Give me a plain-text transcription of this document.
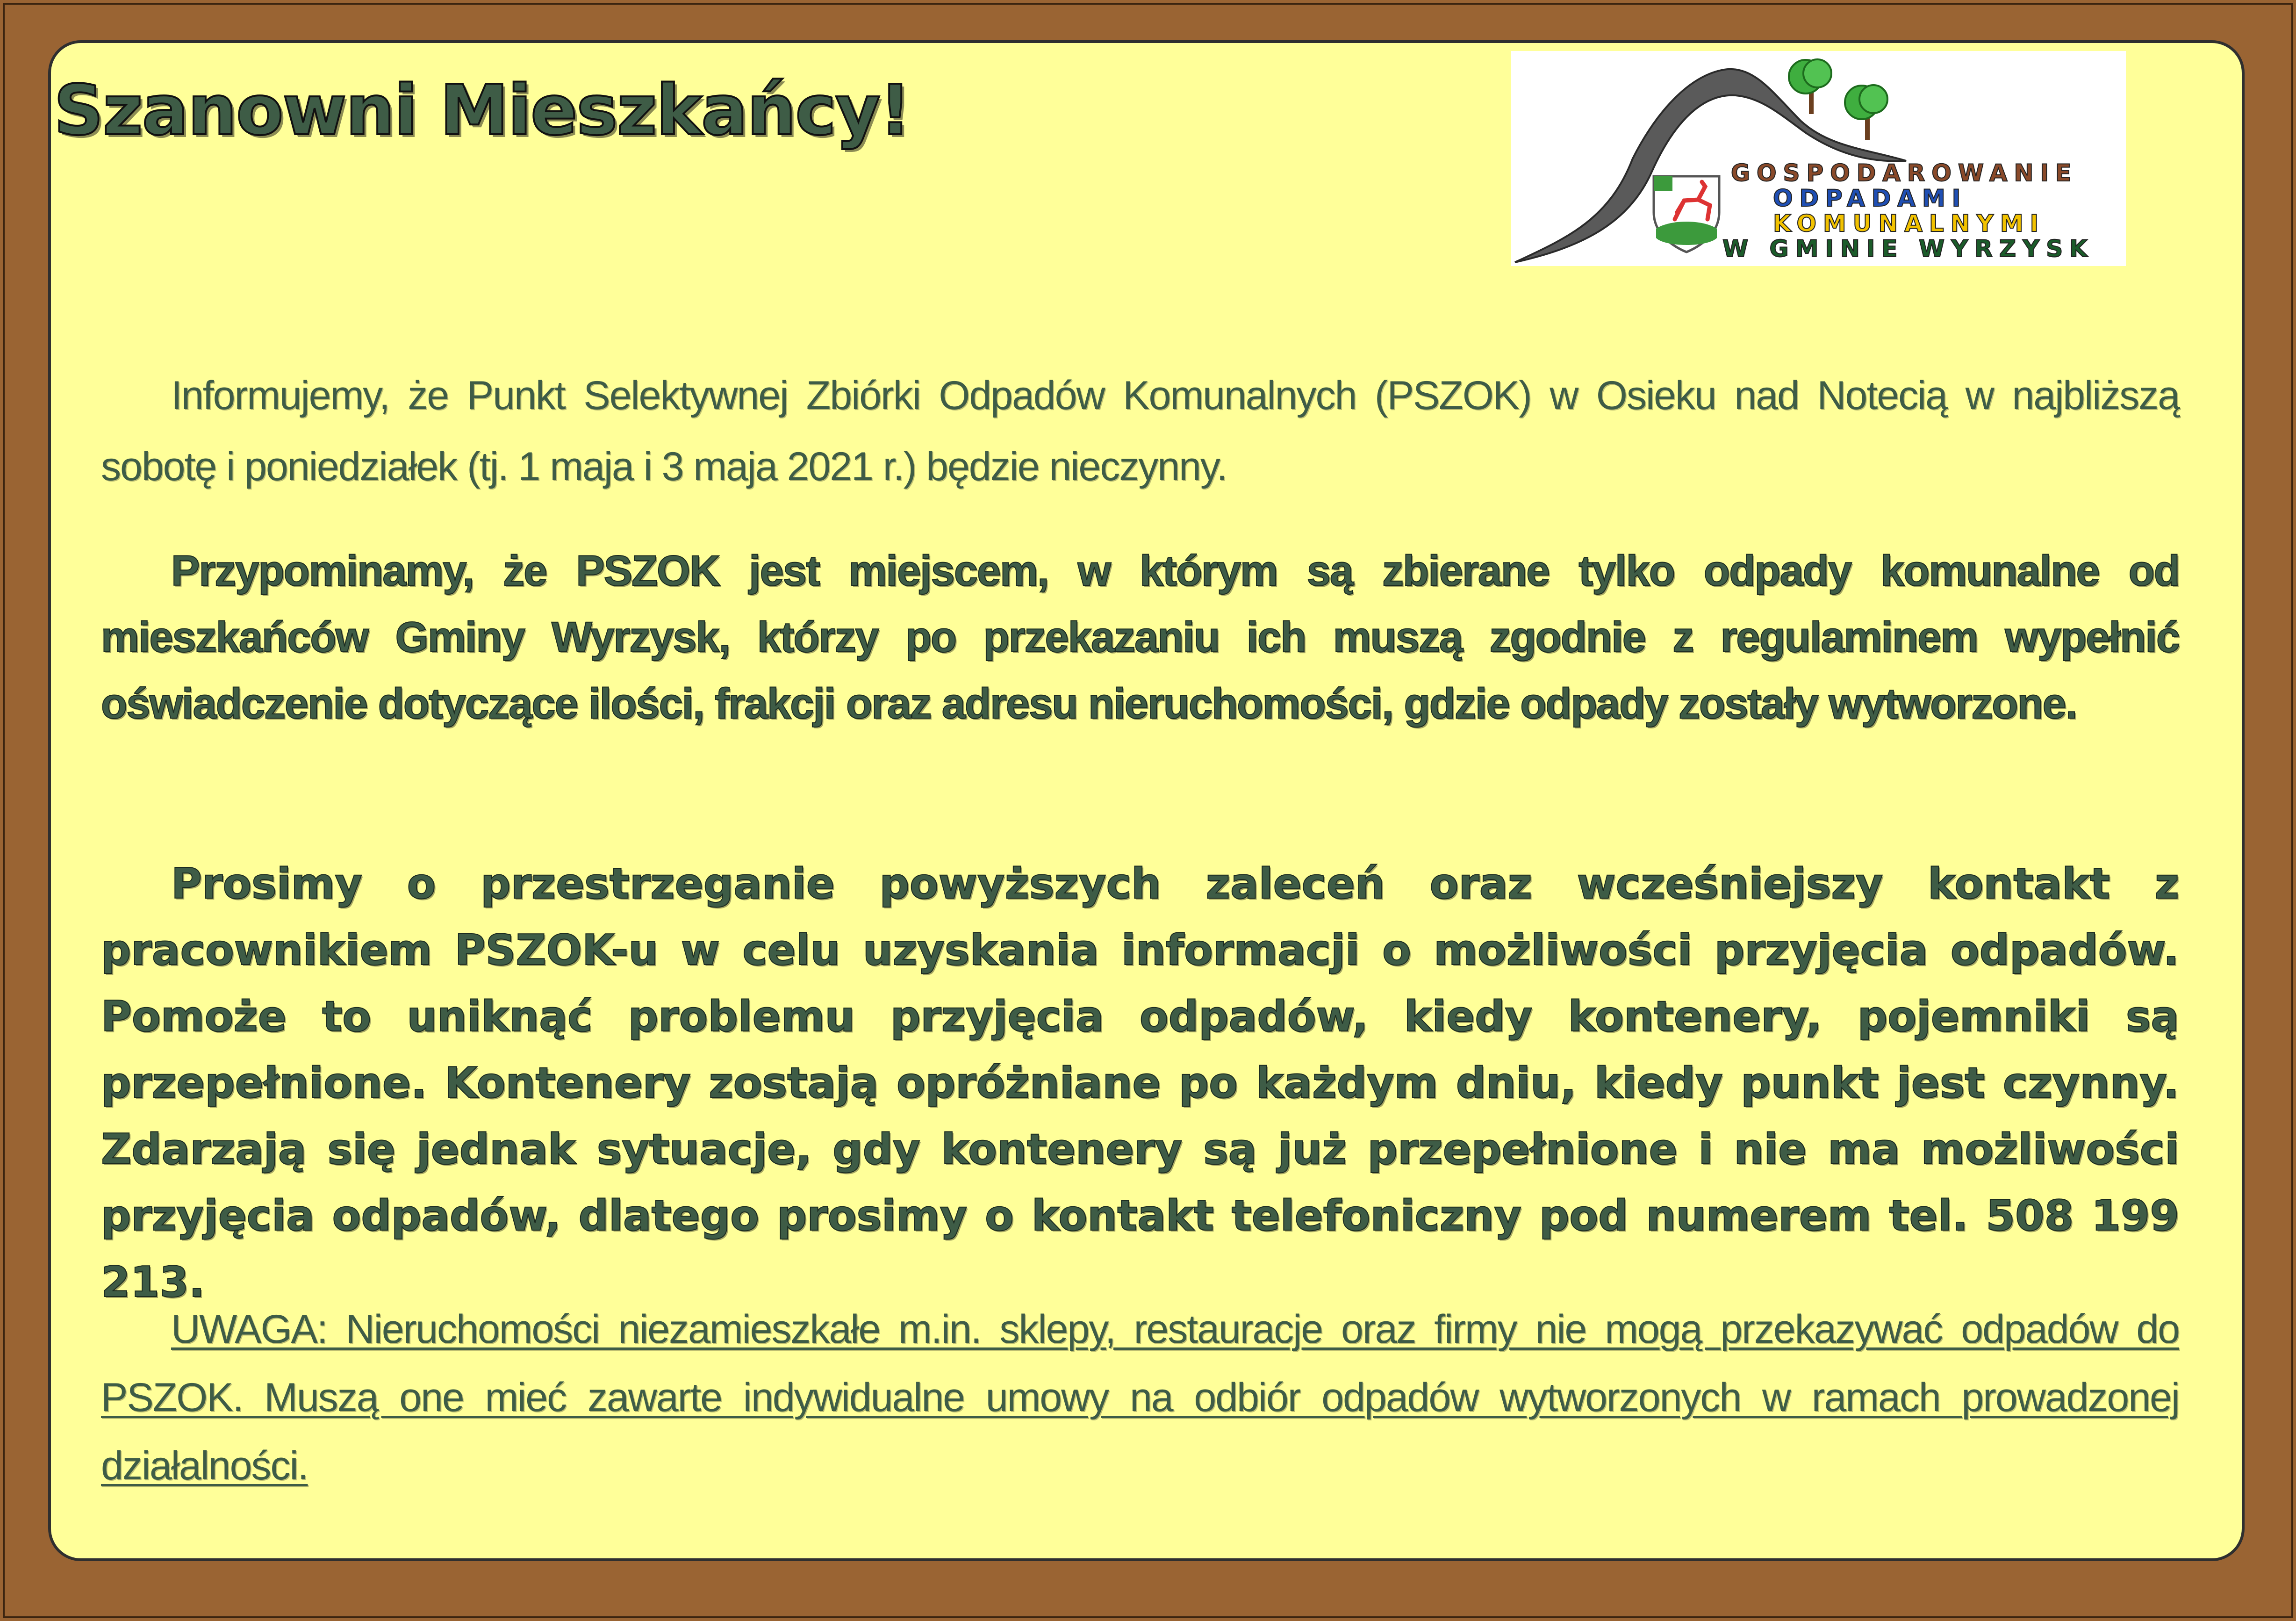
Szanowni Mieszkańcy!
GOSPODAROWANIE
ODPADAMI
KOMUNALNYMI
W GMINIE WYRZYSK

Informujemy, że Punkt Selektywnej Zbiórki Odpadów Komunalnych (PSZOK) w Osieku nad Notecią w najbliższą sobotę i poniedziałek (tj. 1 maja i 3 maja 2021 r.) będzie nieczynny.

Przypominamy, że PSZOK jest miejscem, w którym są zbierane tylko odpady komunalne od mieszkańców Gminy Wyrzysk, którzy po przekazaniu ich muszą zgodnie z regulaminem wypełnić oświadczenie dotyczące ilości, frakcji oraz adresu nieruchomości, gdzie odpady zostały wytworzone.

Prosimy o przestrzeganie powyższych zaleceń oraz wcześniejszy kontakt z pracownikiem PSZOK-u w celu uzyskania informacji o możliwości przyjęcia odpadów. Pomoże to uniknąć problemu przyjęcia odpadów, kiedy kontenery, pojemniki są przepełnione. Kontenery zostają opróżniane po każdym dniu, kiedy punkt jest czynny. Zdarzają się jednak sytuacje, gdy kontenery są już przepełnione i nie ma możliwości przyjęcia odpadów, dlatego prosimy o kontakt telefoniczny pod numerem tel. 508 199 213.

UWAGA: Nieruchomości niezamieszkałe m.in. sklepy, restauracje oraz firmy nie mogą przekazywać odpadów do PSZOK. Muszą one mieć zawarte indywidualne umowy na odbiór odpadów wytworzonych w ramach prowadzonej działalności.
